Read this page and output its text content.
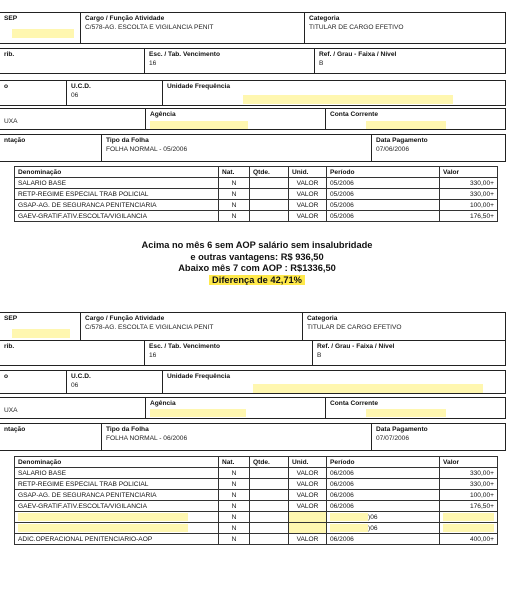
SEP	Cargo / Função Atividade
C/578-AG. ESCOLTA E VIGILANCIA PENIT
Categoria
TITULAR DE CARGO EFETIVO
rib.	Esc. / Tab. Vencimento
16
Ref. / Grau - Faixa / Nível
B
o	U.C.D.
06
Unidade Frequência
UXA
Agência	Conta Corrente
ntação	Tipo da Folha
FOLHA NORMAL - 05/2006
Data Pagamento
07/06/2006
Denominação	Nat.	Qtde.	Unid.	Período	Valor
SALARIO BASE	N		VALOR	05/2006	330,00+
RETP-REGIME ESPECIAL TRAB POLICIAL	N		VALOR	05/2006	330,00+
GSAP-AG. DE SEGURANCA PENITENCIARIA	N		VALOR	05/2006	100,00+
GAEV-GRATIF.ATIV.ESCOLTA/VIGILANCIA	N		VALOR	05/2006	176,50+
Acima no mês 6 sem AOP salário sem insalubridade
e outras vantagens: R$ 936,50
Abaixo mês 7 com AOP : R$1336,50
Diferença de 42,71%
SEP	Cargo / Função Atividade
C/578-AG. ESCOLTA E VIGILANCIA PENIT
Categoria
TITULAR DE CARGO EFETIVO
rib.	Esc. / Tab. Vencimento
16
Ref. / Grau - Faixa / Nível
B
o	U.C.D.
06
Unidade Frequência
UXA
Agência	Conta Corrente
ntação	Tipo da Folha
FOLHA NORMAL - 06/2006
Data Pagamento
07/07/2006
Denominação	Nat.	Qtde.	Unid.	Período	Valor
SALARIO BASE	N		VALOR	06/2006	330,00+
RETP-REGIME ESPECIAL TRAB POLICIAL	N		VALOR	06/2006	330,00+
GSAP-AG. DE SEGURANCA PENITENCIARIA	N		VALOR	06/2006	100,00+
GAEV-GRATIF.ATIV.ESCOLTA/VIGILANCIA	N		VALOR	06/2006	176,50+

	N			)06	

	N			)06	

ADIC.OPERACIONAL PENITENCIARIO-AOP	N		VALOR	06/2006	400,00+
